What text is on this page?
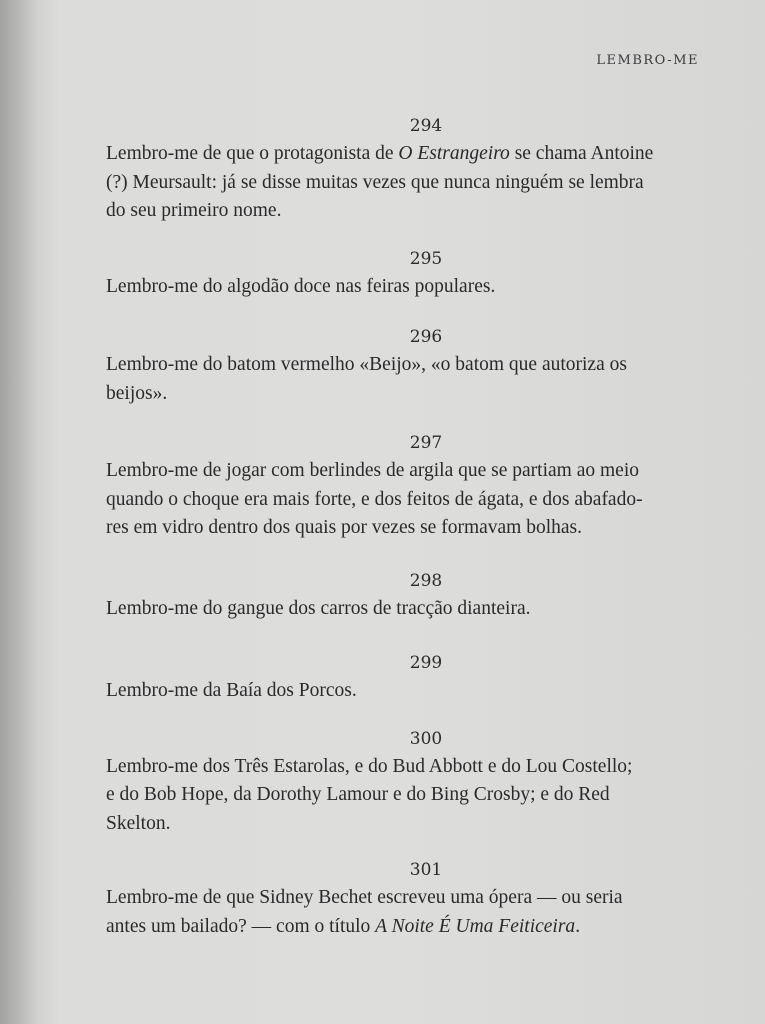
LEMBRO-ME
294

Lembro-me de que o protagonista de O Estrangeiro se chama Antoine
(?) Meursault: já se disse muitas vezes que nunca ninguém se lembra
do seu primeiro nome.

295

Lembro-me do algodão doce nas feiras populares.

296

Lembro-me do batom vermelho «Beijo», «o batom que autoriza os
beijos».

297

Lembro-me de jogar com berlindes de argila que se partiam ao meio
quando o choque era mais forte, e dos feitos de ágata, e dos abafado-
res em vidro dentro dos quais por vezes se formavam bolhas.

298

Lembro-me do gangue dos carros de tracção dianteira.

299

Lembro-me da Baía dos Porcos.

300

Lembro-me dos Três Estarolas, e do Bud Abbott e do Lou Costello;
e do Bob Hope, da Dorothy Lamour e do Bing Crosby; e do Red
Skelton.

301

Lembro-me de que Sidney Bechet escreveu uma ópera — ou seria
antes um bailado? — com o título A Noite É Uma Feiticeira.
